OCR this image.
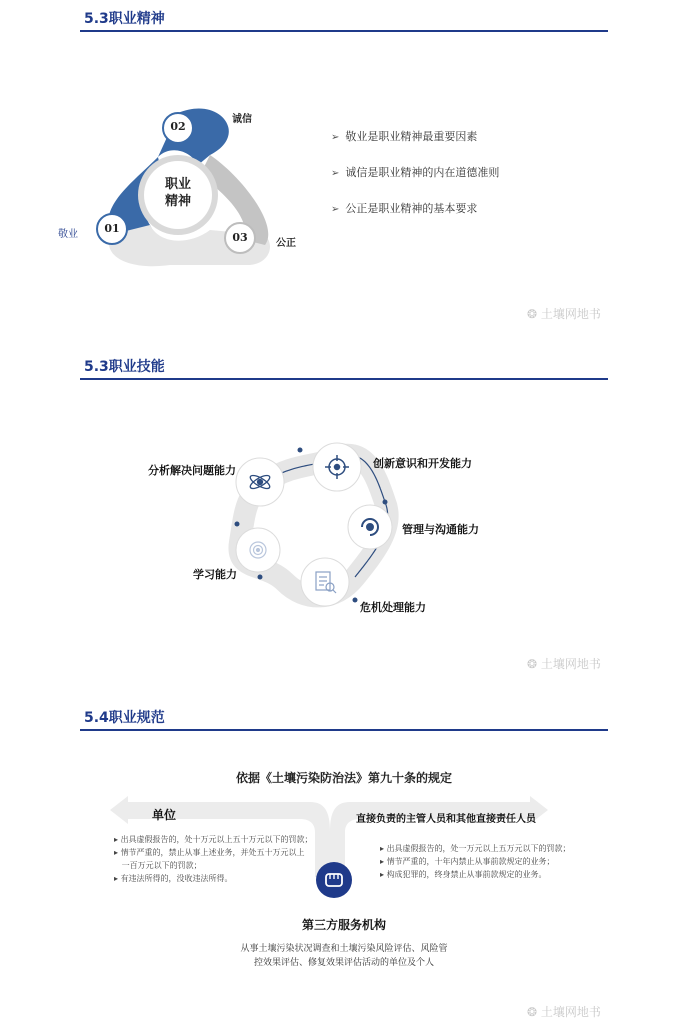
5.3职业精神
职业
精神
02
01
03
诚信
敬业
公正
➢ 敬业是职业精神最重要因素
➢ 诚信是职业精神的内在道德准则
➢ 公正是职业精神的基本要求
❂ 土壤网地书
5.3职业技能
分析解决问题能力
创新意识和开发能力
管理与沟通能力
危机处理能力
学习能力
❂ 土壤网地书
5.4职业规范
依据《土壤污染防治法》第九十条的规定
单位	直接负责的主管人员和其他直接责任人员
▸ 出具虚假报告的，处十万元以上五十万元以下的罚款；
▸ 情节严重的，禁止从事上述业务，并处五十万元以上
一百万元以下的罚款；
▸ 有违法所得的，没收违法所得。
▸ 出具虚假报告的，处一万元以上五万元以下的罚款；
▸ 情节严重的，十年内禁止从事前款规定的业务；
▸ 构成犯罪的，终身禁止从事前款规定的业务。
第三方服务机构
从事土壤污染状况调查和土壤污染风险评估、风险管
控效果评估、修复效果评估活动的单位及个人
❂ 土壤网地书
